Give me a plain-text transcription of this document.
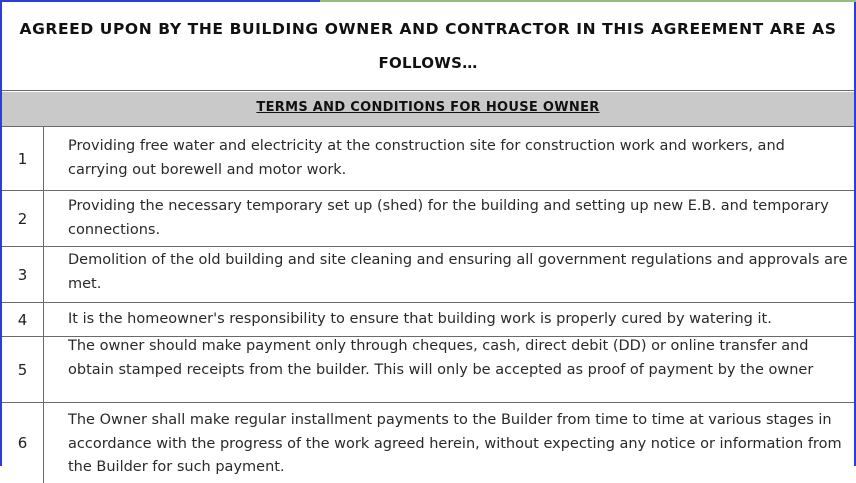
AGREED UPON BY THE BUILDING OWNER AND CONTRACTOR IN THIS AGREEMENT ARE AS
FOLLOWS…
TERMS AND CONDITIONS FOR HOUSE OWNER
1
Providing free water and electricity at the construction site for construction work and workers, and carrying out borewell and motor work.
2
Providing the necessary temporary set up (shed) for the building and setting up new E.B. and temporary connections.
3
Demolition of the old building and site cleaning and ensuring all government regulations and approvals are met.
4	It is the homeowner's responsibility to ensure that building work is properly cured by watering it.
5
The owner should make payment only through cheques, cash, direct debit (DD) or online transfer and obtain stamped receipts from the builder. This will only be accepted as proof of payment by the owner
6
The Owner shall make regular installment payments to the Builder from time to time at various stages in accordance with the progress of the work agreed herein, without expecting any notice or information from the Builder for such payment.
